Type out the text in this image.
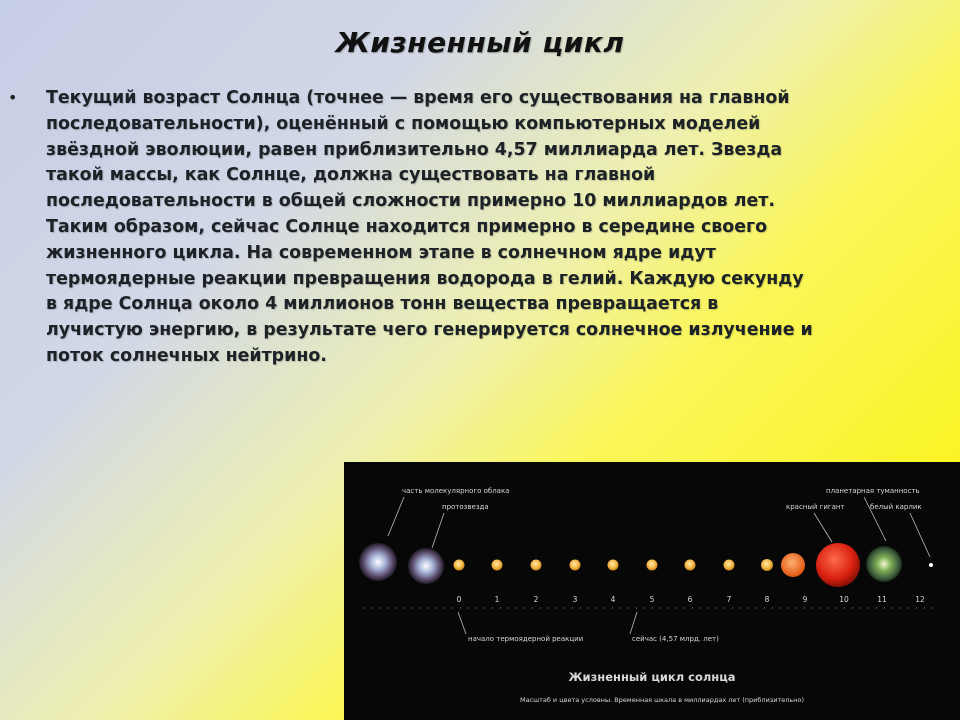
Жизненный цикл
• Текущий возраст Солнца (точнее — время его существования на главной последовательности), оценённый с помощью компьютерных моделей звёздной эволюции, равен приблизительно 4,57 миллиарда лет. Звезда такой массы, как Солнце, должна существовать на главной последовательности в общей сложности примерно 10 миллиардов лет. Таким образом, сейчас Солнце находится примерно в середине своего жизненного цикла. На современном этапе в солнечном ядре идут термоядерные реакции превращения водорода в гелий. Каждую секунду в ядре Солнца около 4 миллионов тонн вещества превращается в лучистую энергию, в результате чего генерируется солнечное излучение и поток солнечных нейтрино.
часть молекулярного облака
протозвезда
планетарная туманность
красный гигант	белый карлик
0	1	2	3	4	5	6	7	8	9	10	11	12
начало термоядерной реакции	сейчас (4,57 млрд. лет)
Жизненный цикл солнца
Масштаб и цвета условны. Временная шкала в миллиардах лет (приблизительно)
